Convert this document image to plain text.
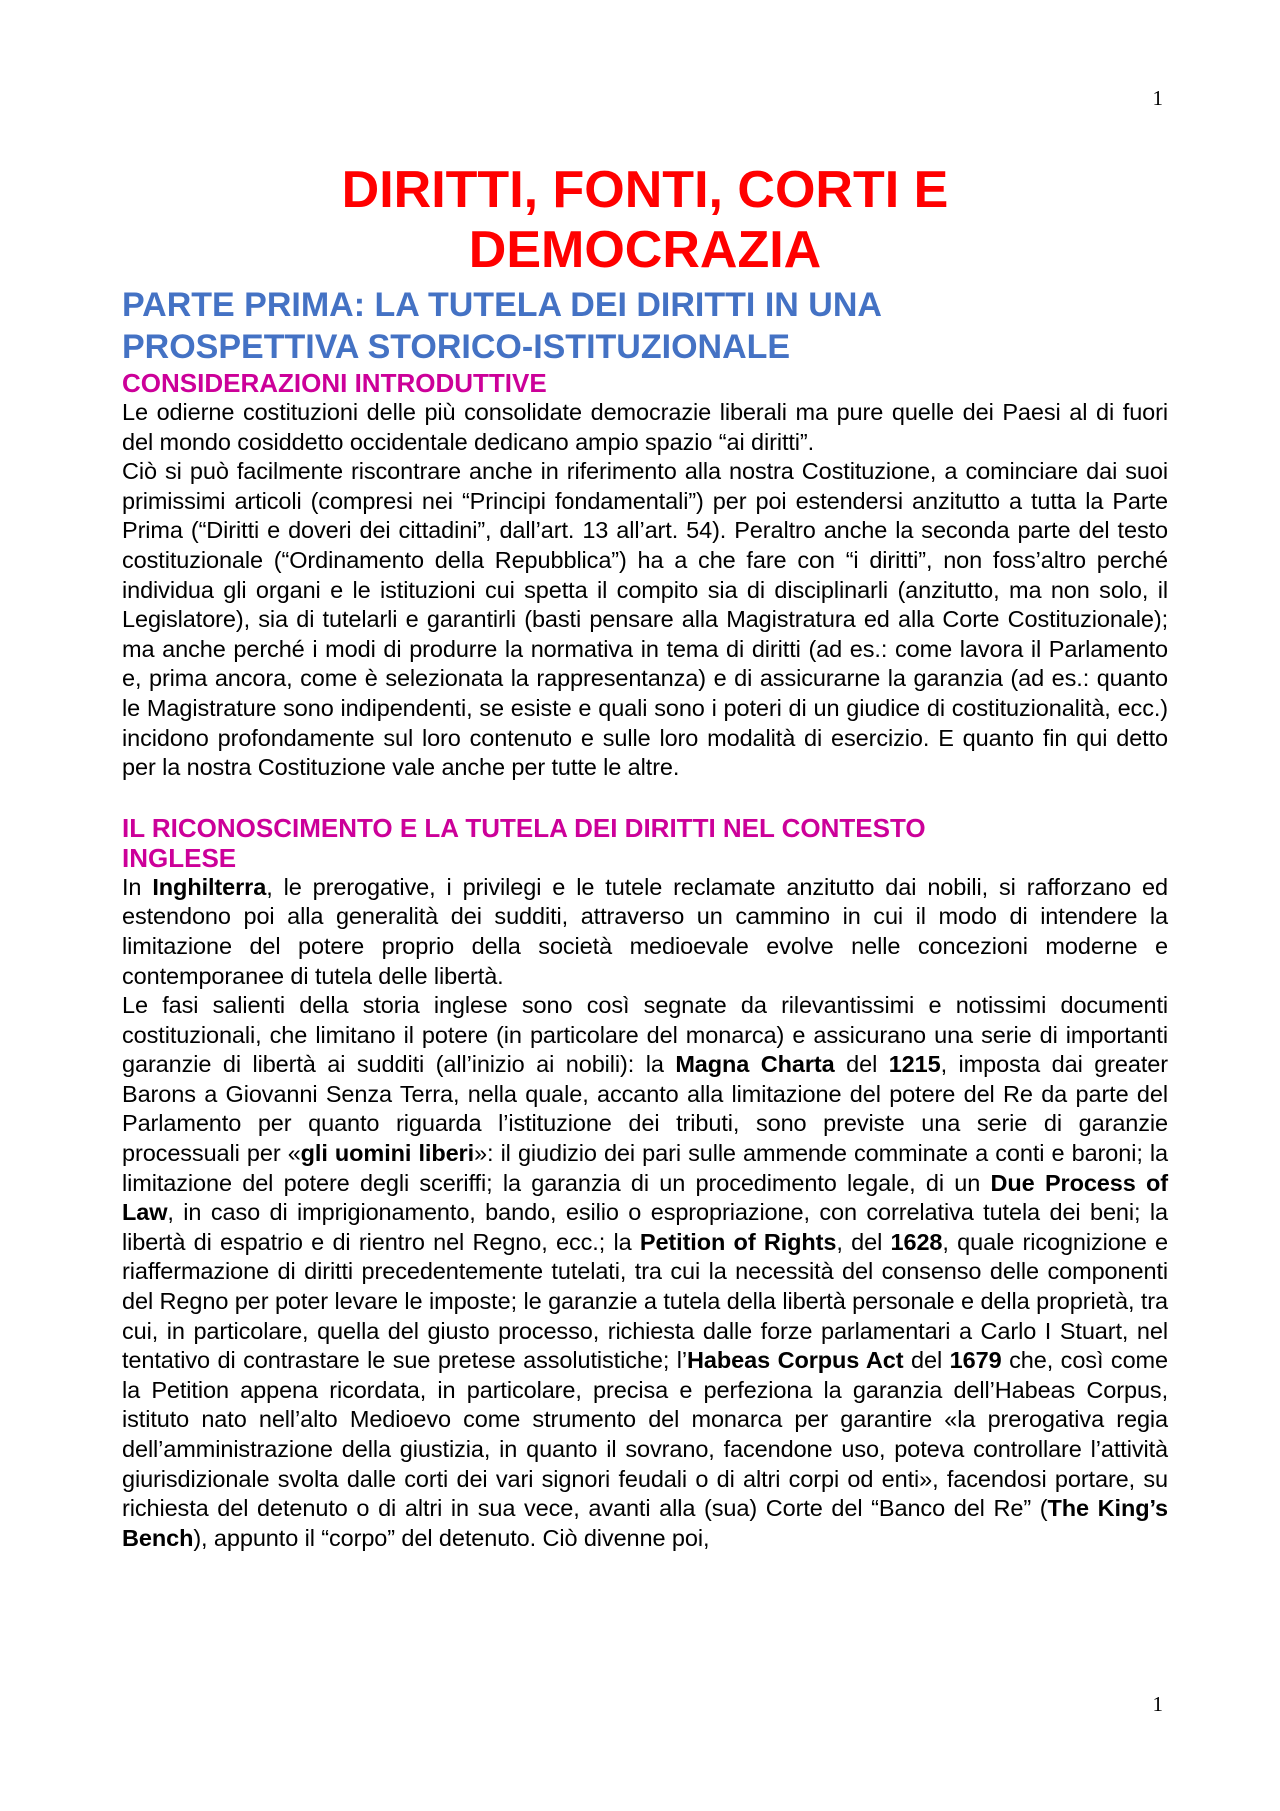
1
DIRITTI, FONTI, CORTI E
DEMOCRAZIA
PARTE PRIMA: LA TUTELA DEI DIRITTI IN UNA
PROSPETTIVA STORICO-ISTITUZIONALE
CONSIDERAZIONI INTRODUTTIVE

Le odierne costituzioni delle più consolidate democrazie liberali ma pure quelle dei Paesi al di fuori del mondo cosiddetto occidentale dedicano ampio spazio “ai diritti”.

Ciò si può facilmente riscontrare anche in riferimento alla nostra Costituzione, a cominciare dai suoi primissimi articoli (compresi nei “Principi fondamentali”) per poi estendersi anzitutto a tutta la Parte Prima (“Diritti e doveri dei cittadini”, dall’art. 13 all’art. 54). Peraltro anche la seconda parte del testo costituzionale (“Ordinamento della Repubblica”) ha a che fare con “i diritti”, non foss’altro perché individua gli organi e le istituzioni cui spetta il compito sia di disciplinarli (anzitutto, ma non solo, il Legislatore), sia di tutelarli e garantirli (basti pensare alla Magistratura ed alla Corte Costituzionale); ma anche perché i modi di produrre la normativa in tema di diritti (ad es.: come lavora il Parlamento e, prima ancora, come è selezionata la rappresentanza) e di assicurarne la garanzia (ad es.: quanto le Magistrature sono indipendenti, se esiste e quali sono i poteri di un giudice di costituzionalità, ecc.) incidono profondamente sul loro contenuto e sulle loro modalità di esercizio. E quanto fin qui detto per la nostra Costituzione vale anche per tutte le altre.

IL RICONOSCIMENTO E LA TUTELA DEI DIRITTI NEL CONTESTO
INGLESE

In Inghilterra, le prerogative, i privilegi e le tutele reclamate anzitutto dai nobili, si rafforzano ed estendono poi alla generalità dei sudditi, attraverso un cammino in cui il modo di intendere la limitazione del potere proprio della società medioevale evolve nelle concezioni moderne e contemporanee di tutela delle libertà.

Le fasi salienti della storia inglese sono così segnate da rilevantissimi e notissimi documenti costituzionali, che limitano il potere (in particolare del monarca) e assicurano una serie di importanti garanzie di libertà ai sudditi (all’inizio ai nobili): la Magna Charta del 1215, imposta dai greater Barons a Giovanni Senza Terra, nella quale, accanto alla limitazione del potere del Re da parte del Parlamento per quanto riguarda l’istituzione dei tributi, sono previste una serie di garanzie processuali per «gli uomini liberi»: il giudizio dei pari sulle ammende comminate a conti e baroni; la limitazione del potere degli sceriffi; la garanzia di un procedimento legale, di un Due Process of Law, in caso di imprigionamento, bando, esilio o espropriazione, con correlativa tutela dei beni; la libertà di espatrio e di rientro nel Regno, ecc.; la Petition of Rights, del 1628, quale ricognizione e riaffermazione di diritti precedentemente tutelati, tra cui la necessità del consenso delle componenti del Regno per poter levare le imposte; le garanzie a tutela della libertà personale e della proprietà, tra cui, in particolare, quella del giusto processo, richiesta dalle forze parlamentari a Carlo I Stuart, nel tentativo di contrastare le sue pretese assolutistiche; l’Habeas Corpus Act del 1679 che, così come la Petition appena ricordata, in particolare, precisa e perfeziona la garanzia dell’Habeas Corpus, istituto nato nell’alto Medioevo come strumento del monarca per garantire «la prerogativa regia dell’amministrazione della giustizia, in quanto il sovrano, facendone uso, poteva controllare l’attività giurisdizionale svolta dalle corti dei vari signori feudali o di altri corpi od enti», facendosi portare, su richiesta del detenuto o di altri in sua vece, avanti alla (sua) Corte del “Banco del Re” (The King’s Bench), appunto il “corpo” del detenuto. Ciò divenne poi,

1
